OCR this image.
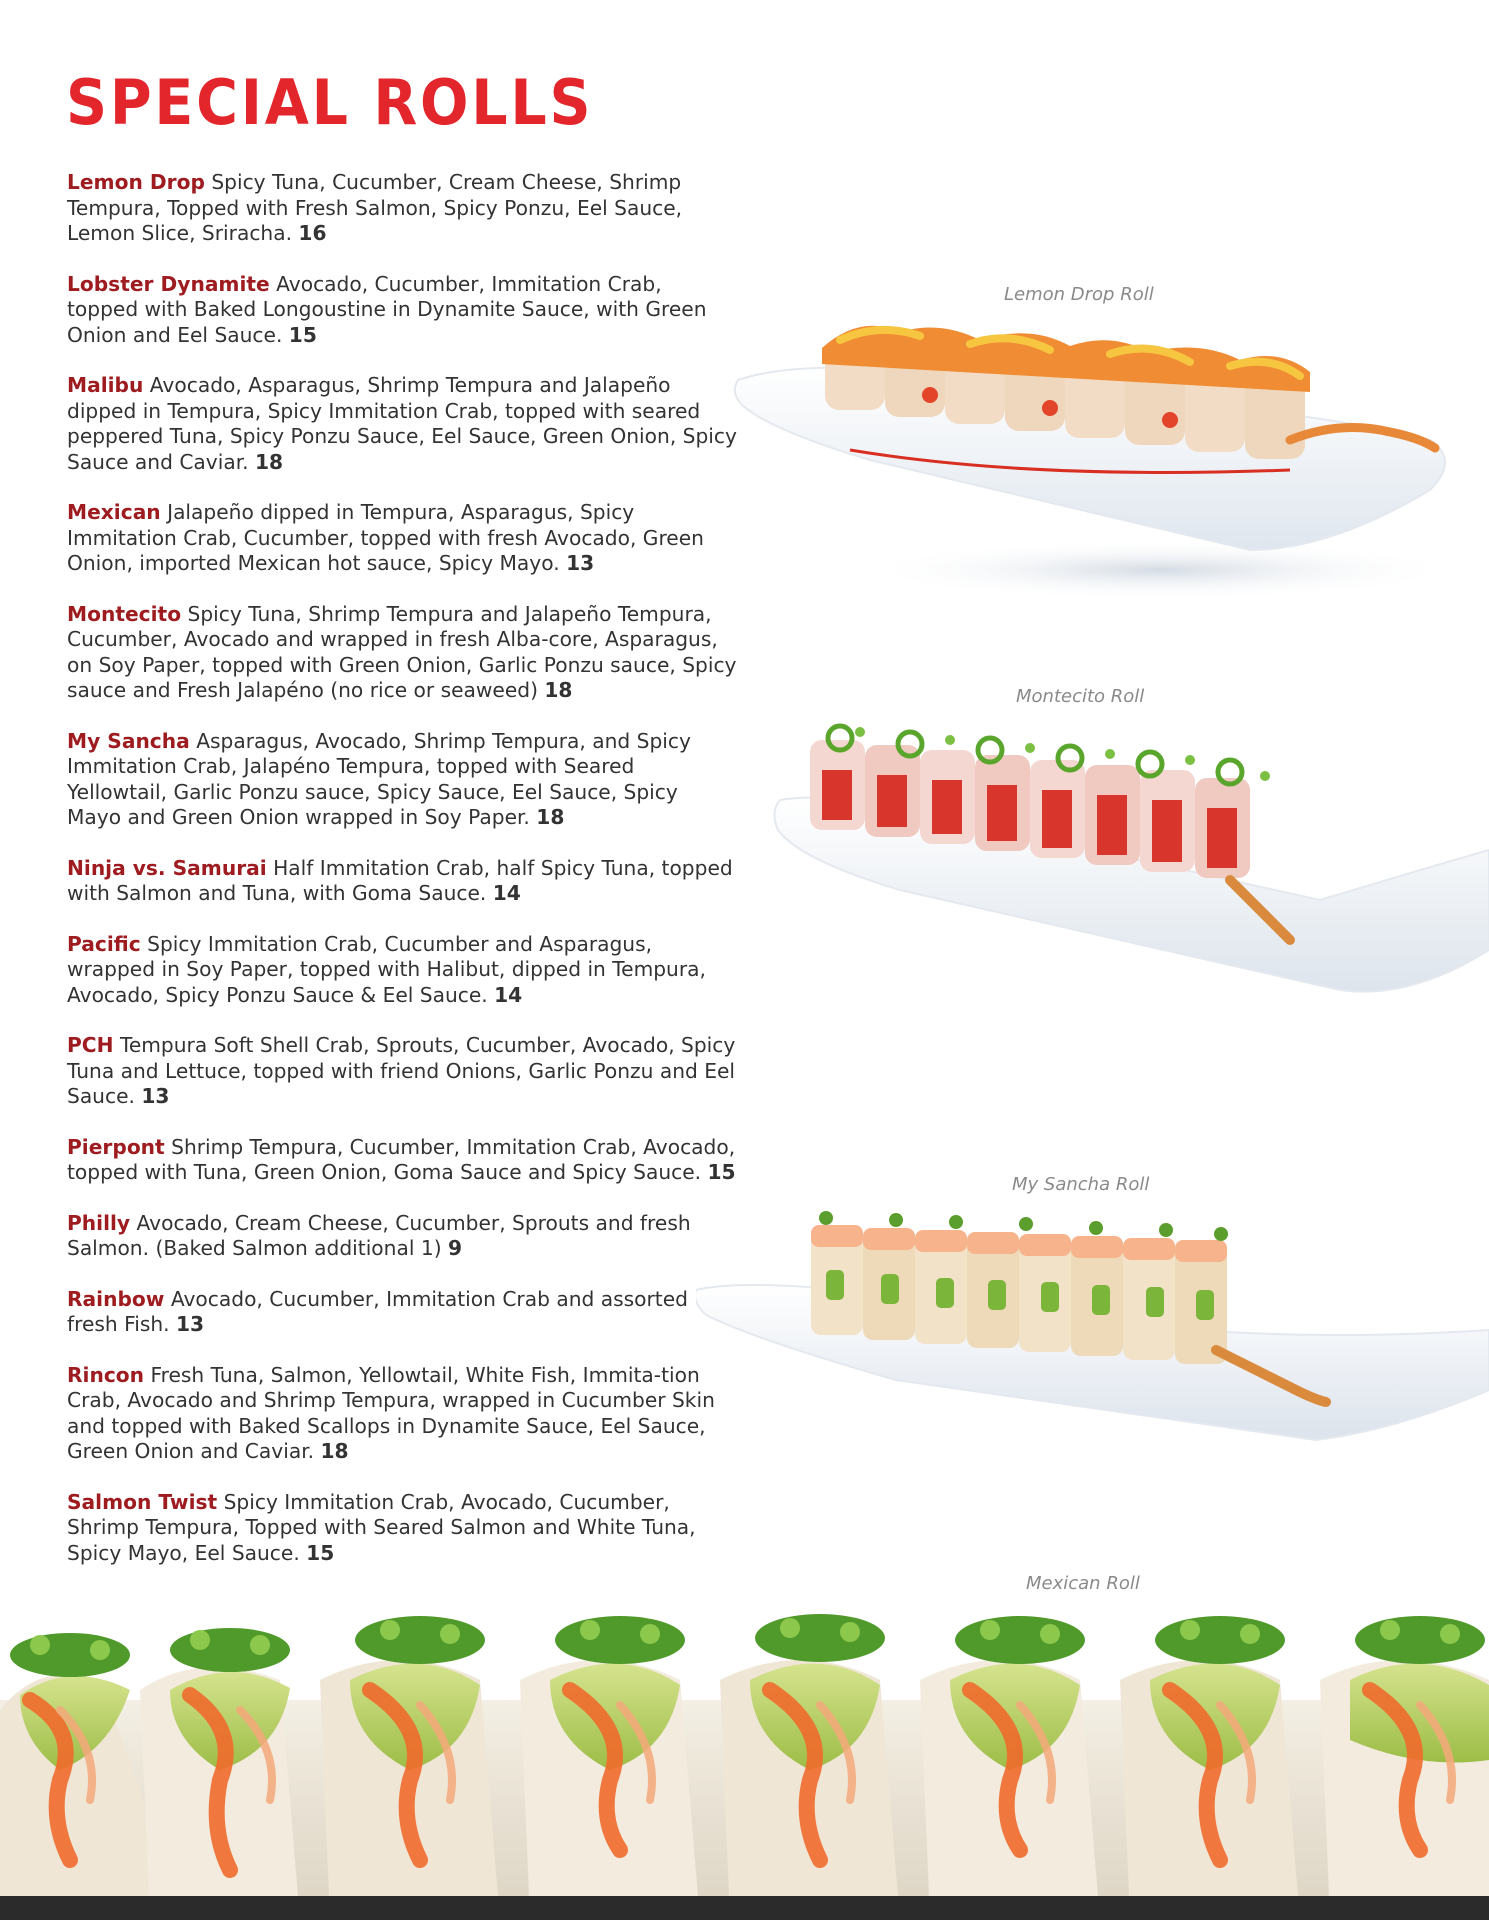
SPECIAL ROLLS

Lemon Drop Spicy Tuna, Cucumber, Cream Cheese, Shrimp Tempura, Topped with Fresh Salmon, Spicy Ponzu, Eel Sauce, Lemon Slice, Sriracha. 16

Lobster Dynamite Avocado, Cucumber, Immitation Crab, topped with Baked Longoustine in Dynamite Sauce, with Green Onion and Eel Sauce. 15

Malibu Avocado, Asparagus, Shrimp Tempura and Jalapeño dipped in Tempura, Spicy Immitation Crab, topped with seared peppered Tuna, Spicy Ponzu Sauce, Eel Sauce, Green Onion, Spicy Sauce and Caviar. 18

Mexican Jalapeño dipped in Tempura, Asparagus, Spicy Immitation Crab, Cucumber, topped with fresh Avocado, Green Onion, imported Mexican hot sauce, Spicy Mayo. 13

Montecito Spicy Tuna, Shrimp Tempura and Jalapeño Tempura, Cucumber, Avocado and wrapped in fresh Alba-core, Asparagus, on Soy Paper, topped with Green Onion, Garlic Ponzu sauce, Spicy sauce and Fresh Jalapéno (no rice or seaweed) 18

My Sancha Asparagus, Avocado, Shrimp Tempura, and Spicy Immitation Crab, Jalapéno Tempura, topped with Seared Yellowtail, Garlic Ponzu sauce, Spicy Sauce, Eel Sauce, Spicy Mayo and Green Onion wrapped in Soy Paper. 18

Ninja vs. Samurai Half Immitation Crab, half Spicy Tuna, topped with Salmon and Tuna, with Goma Sauce. 14

Pacific Spicy Immitation Crab, Cucumber and Asparagus, wrapped in Soy Paper, topped with Halibut, dipped in Tempura, Avocado, Spicy Ponzu Sauce & Eel Sauce. 14

PCH Tempura Soft Shell Crab, Sprouts, Cucumber, Avocado, Spicy Tuna and Lettuce, topped with friend Onions, Garlic Ponzu and Eel Sauce. 13

Pierpont Shrimp Tempura, Cucumber, Immitation Crab, Avocado, topped with Tuna, Green Onion, Goma Sauce and Spicy Sauce. 15

Philly Avocado, Cream Cheese, Cucumber, Sprouts and fresh Salmon. (Baked Salmon additional 1) 9

Rainbow Avocado, Cucumber, Immitation Crab and assorted fresh Fish. 13

Rincon Fresh Tuna, Salmon, Yellowtail, White Fish, Immita-tion Crab, Avocado and Shrimp Tempura, wrapped in Cucumber Skin and topped with Baked Scallops in Dynamite Sauce, Eel Sauce, Green Onion and Caviar. 18

Salmon Twist Spicy Immitation Crab, Avocado, Cucumber, Shrimp Tempura, Topped with Seared Salmon and White Tuna, Spicy Mayo, Eel Sauce. 15

Lemon Drop Roll
Montecito Roll
My Sancha Roll
Mexican Roll
